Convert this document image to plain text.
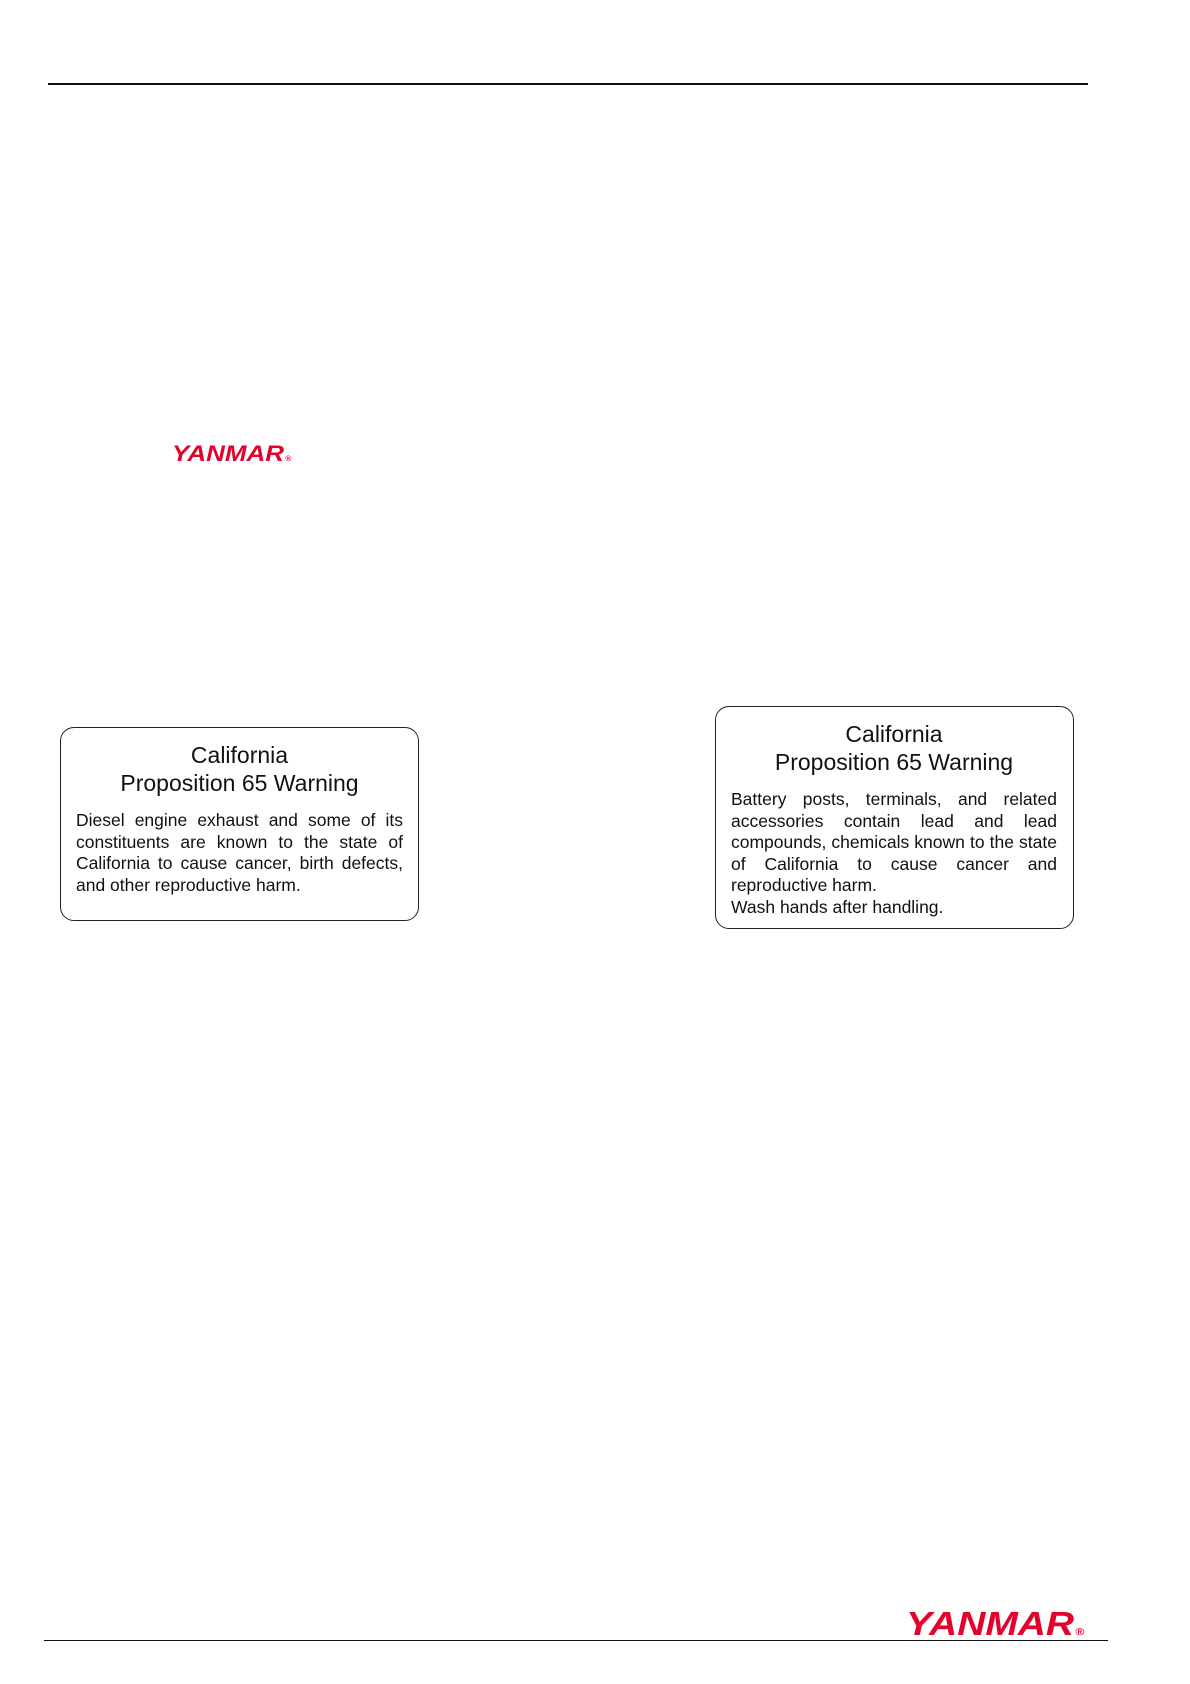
YANMAR®
California
Proposition 65 Warning

Diesel engine exhaust and some of its constituents are known to the state of California to cause cancer, birth defects, and other reproductive harm.

California
Proposition 65 Warning

Battery posts, terminals, and related accessories contain lead and lead compounds, chemicals known to the state of California to cause cancer and reproductive harm.

Wash hands after handling.

YANMAR®
